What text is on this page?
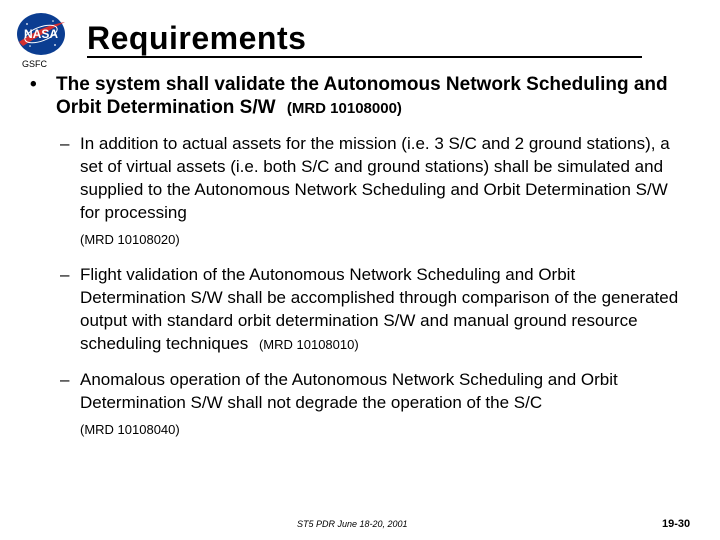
NASA
GSFC
Requirements
• The system shall validate the Autonomous Network Scheduling and Orbit Determination S/W (MRD 10108000)
– In addition to actual assets for the mission (i.e. 3 S/C and 2 ground stations), a set of virtual assets (i.e. both S/C and ground stations) shall be simulated and supplied to the Autonomous Network Scheduling and Orbit Determination S/W for processing
(MRD 10108020)
– Flight validation of the Autonomous Network Scheduling and Orbit Determination S/W shall be accomplished through comparison of the generated output with standard orbit determination S/W and manual ground resource scheduling techniques (MRD 10108010)
– Anomalous operation of the Autonomous Network Scheduling and Orbit Determination S/W shall not degrade the operation of the S/C
(MRD 10108040)
ST5 PDR June 18-20, 2001	19-30
